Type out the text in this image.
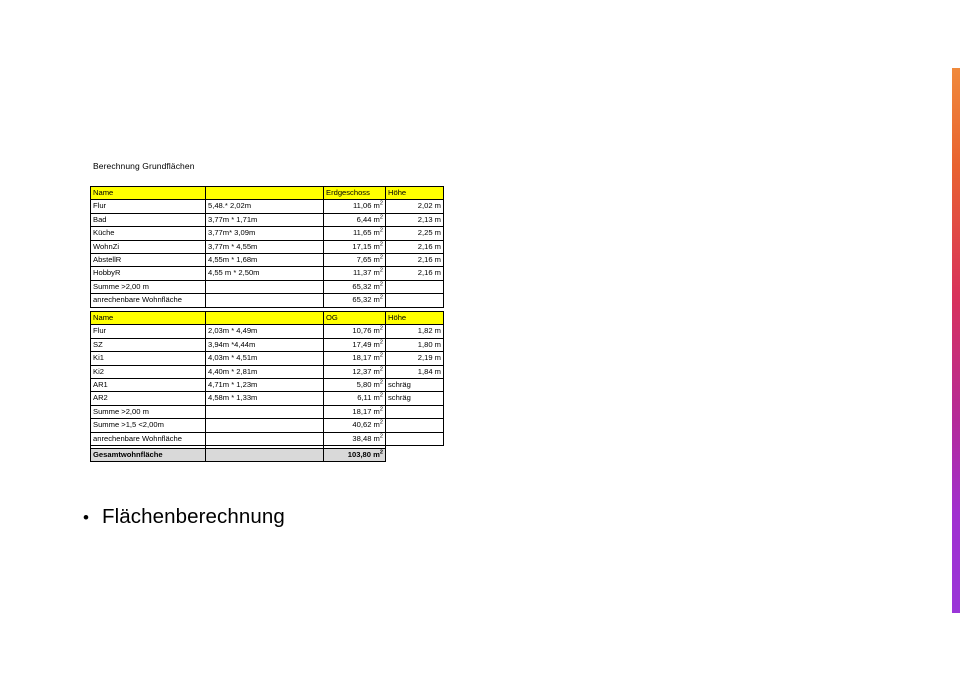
Berechnung Grundflächen
Name		Erdgeschoss	Höhe
Flur	5,48.* 2,02m	11,06 $m^2$	2,02 m
Bad	3,77m * 1,71m	6,44 $m^2$	2,13 m
Küche	3,77m* 3,09m	11,65 $m^2$	2,25 m
WohnZi	3,77m * 4,55m	17,15 $m^2$	2,16 m
AbstellR	4,55m * 1,68m	7,65 $m^2$	2,16 m
HobbyR	4,55 m * 2,50m	11,37 $m^2$	2,16 m
Summe >2,00 m		65,32 $m^2$	
anrechenbare Wohnfläche		65,32 $m^2$	
Name		OG	Höhe
Flur	2,03m * 4,49m	10,76 $m^2$	1,82 m
SZ	3,94m *4,44m	17,49 $m^2$	1,80 m
Ki1	4,03m * 4,51m	18,17 $m^2$	2,19 m
Ki2	4,40m * 2,81m	12,37 $m^2$	1,84 m
AR1	4,71m * 1,23m	5,80 $m^2$	schräg
AR2	4,58m * 1,33m	6,11 $m^2$	schräg
Summe >2,00 m		18,17 $m^2$	
Summe >1,5 <2,00m		40,62 $m^2$	
anrechenbare Wohnfläche		38,48 $m^2$	

Gesamtwohnfläche		103,80 $m^2$
• Flächenberechnung
